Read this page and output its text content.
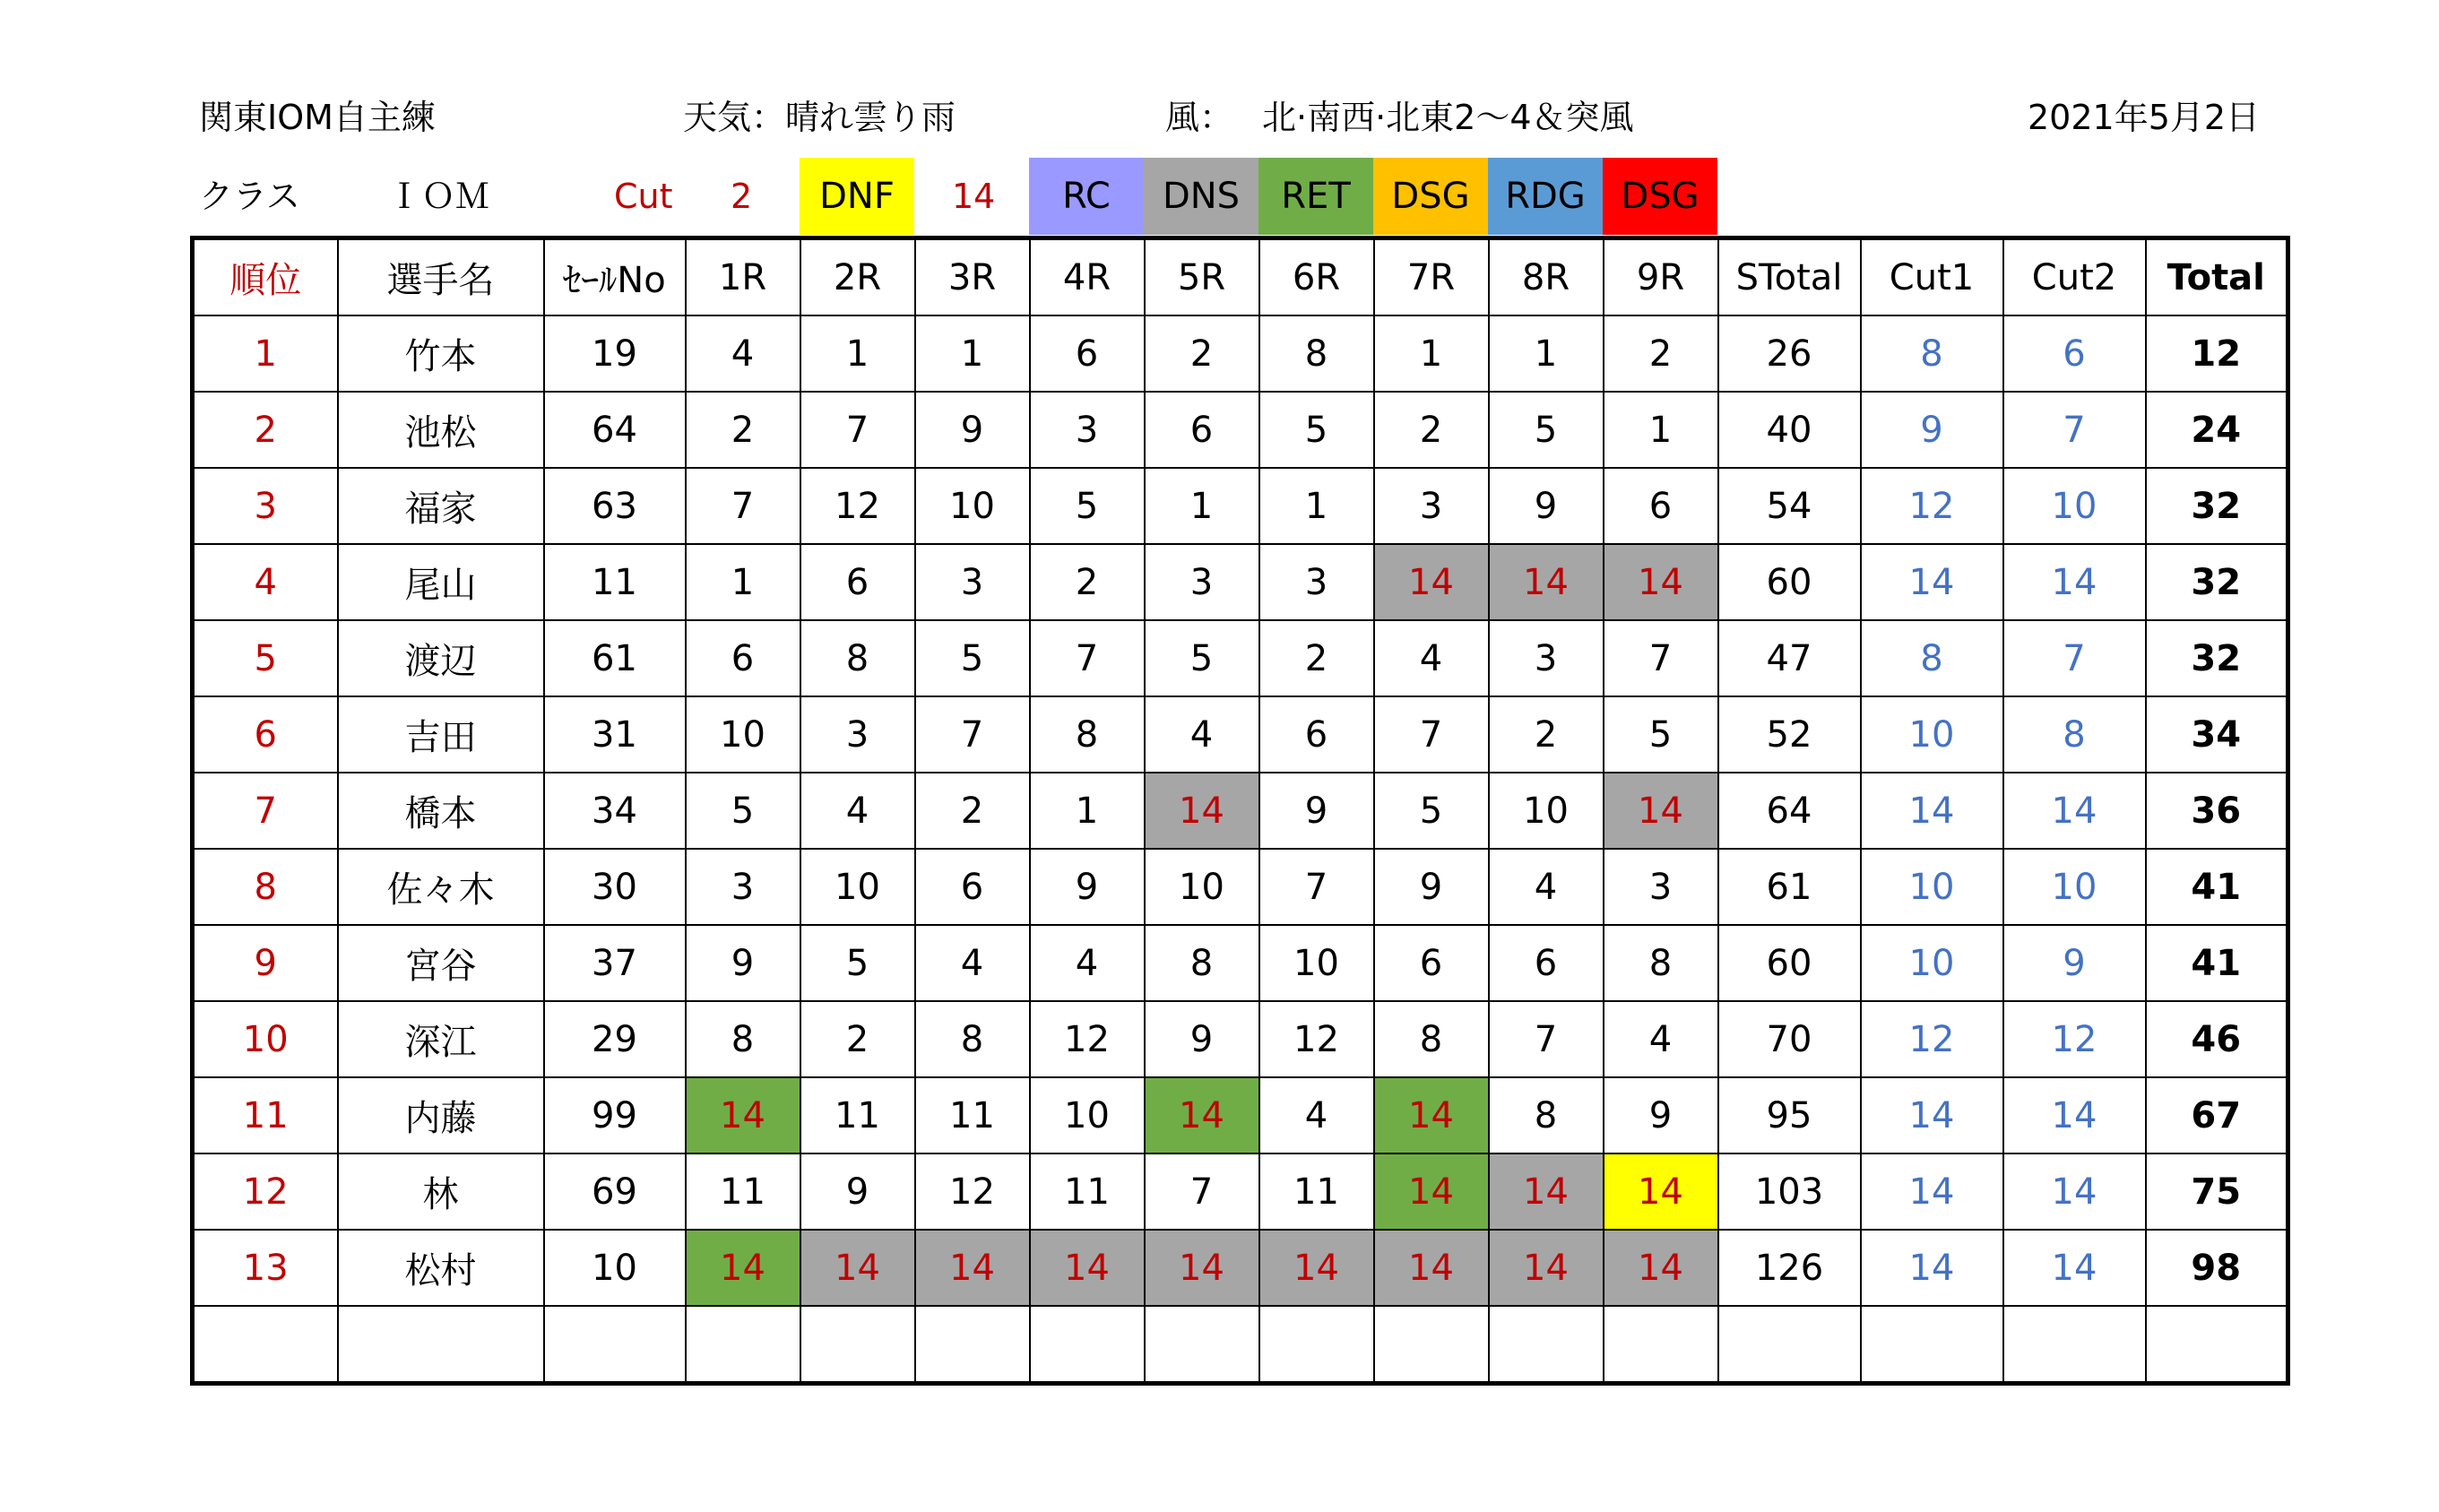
関東IOM自主練	天気：晴れ雲り雨	風： 北·南西·北東2〜4＆突風	2021年5月2日
クラス	ＩＯＭ	Cut 2	14
DNF	RC	DNS	RET	DSG RDG DSG
順位	選手名	ｾｰﾙNo	1R	2R	3R	4R	5R	6R	7R	8R	9R	STotal	Cut1	Cut2	Total
1	竹本	19	4	1	1	6	2	8	1	1	2	26	8	6	12
2	池松	64	2	7	9	3	6	5	2	5	1	40	9	7	24
3	福家	63	7	12	10	5	1	1	3	9	6	54	12	10	32
4	尾山	11	1	6	3	2	3	3	14	14	14	60	14	14	32
5	渡辺	61	6	8	5	7	5	2	4	3	7	47	8	7	32
6	吉田	31	10	3	7	8	4	6	7	2	5	52	10	8	34
7	橋本	34	5	4	2	1	14	9	5	10	14	64	14	14	36
8	佐々木	30	3	10	6	9	10	7	9	4	3	61	10	10	41
9	宮谷	37	9	5	4	4	8	10	6	6	8	60	10	9	41
10	深江	29	8	2	8	12	9	12	8	7	4	70	12	12	46
11	内藤	99	14	11	11	10	14	4	14	8	9	95	14	14	67
12	林	69	11	9	12	11	7	11	14	14	14	103	14	14	75
13	松村	10	14	14	14	14	14	14	14	14	14	126	14	14	98
